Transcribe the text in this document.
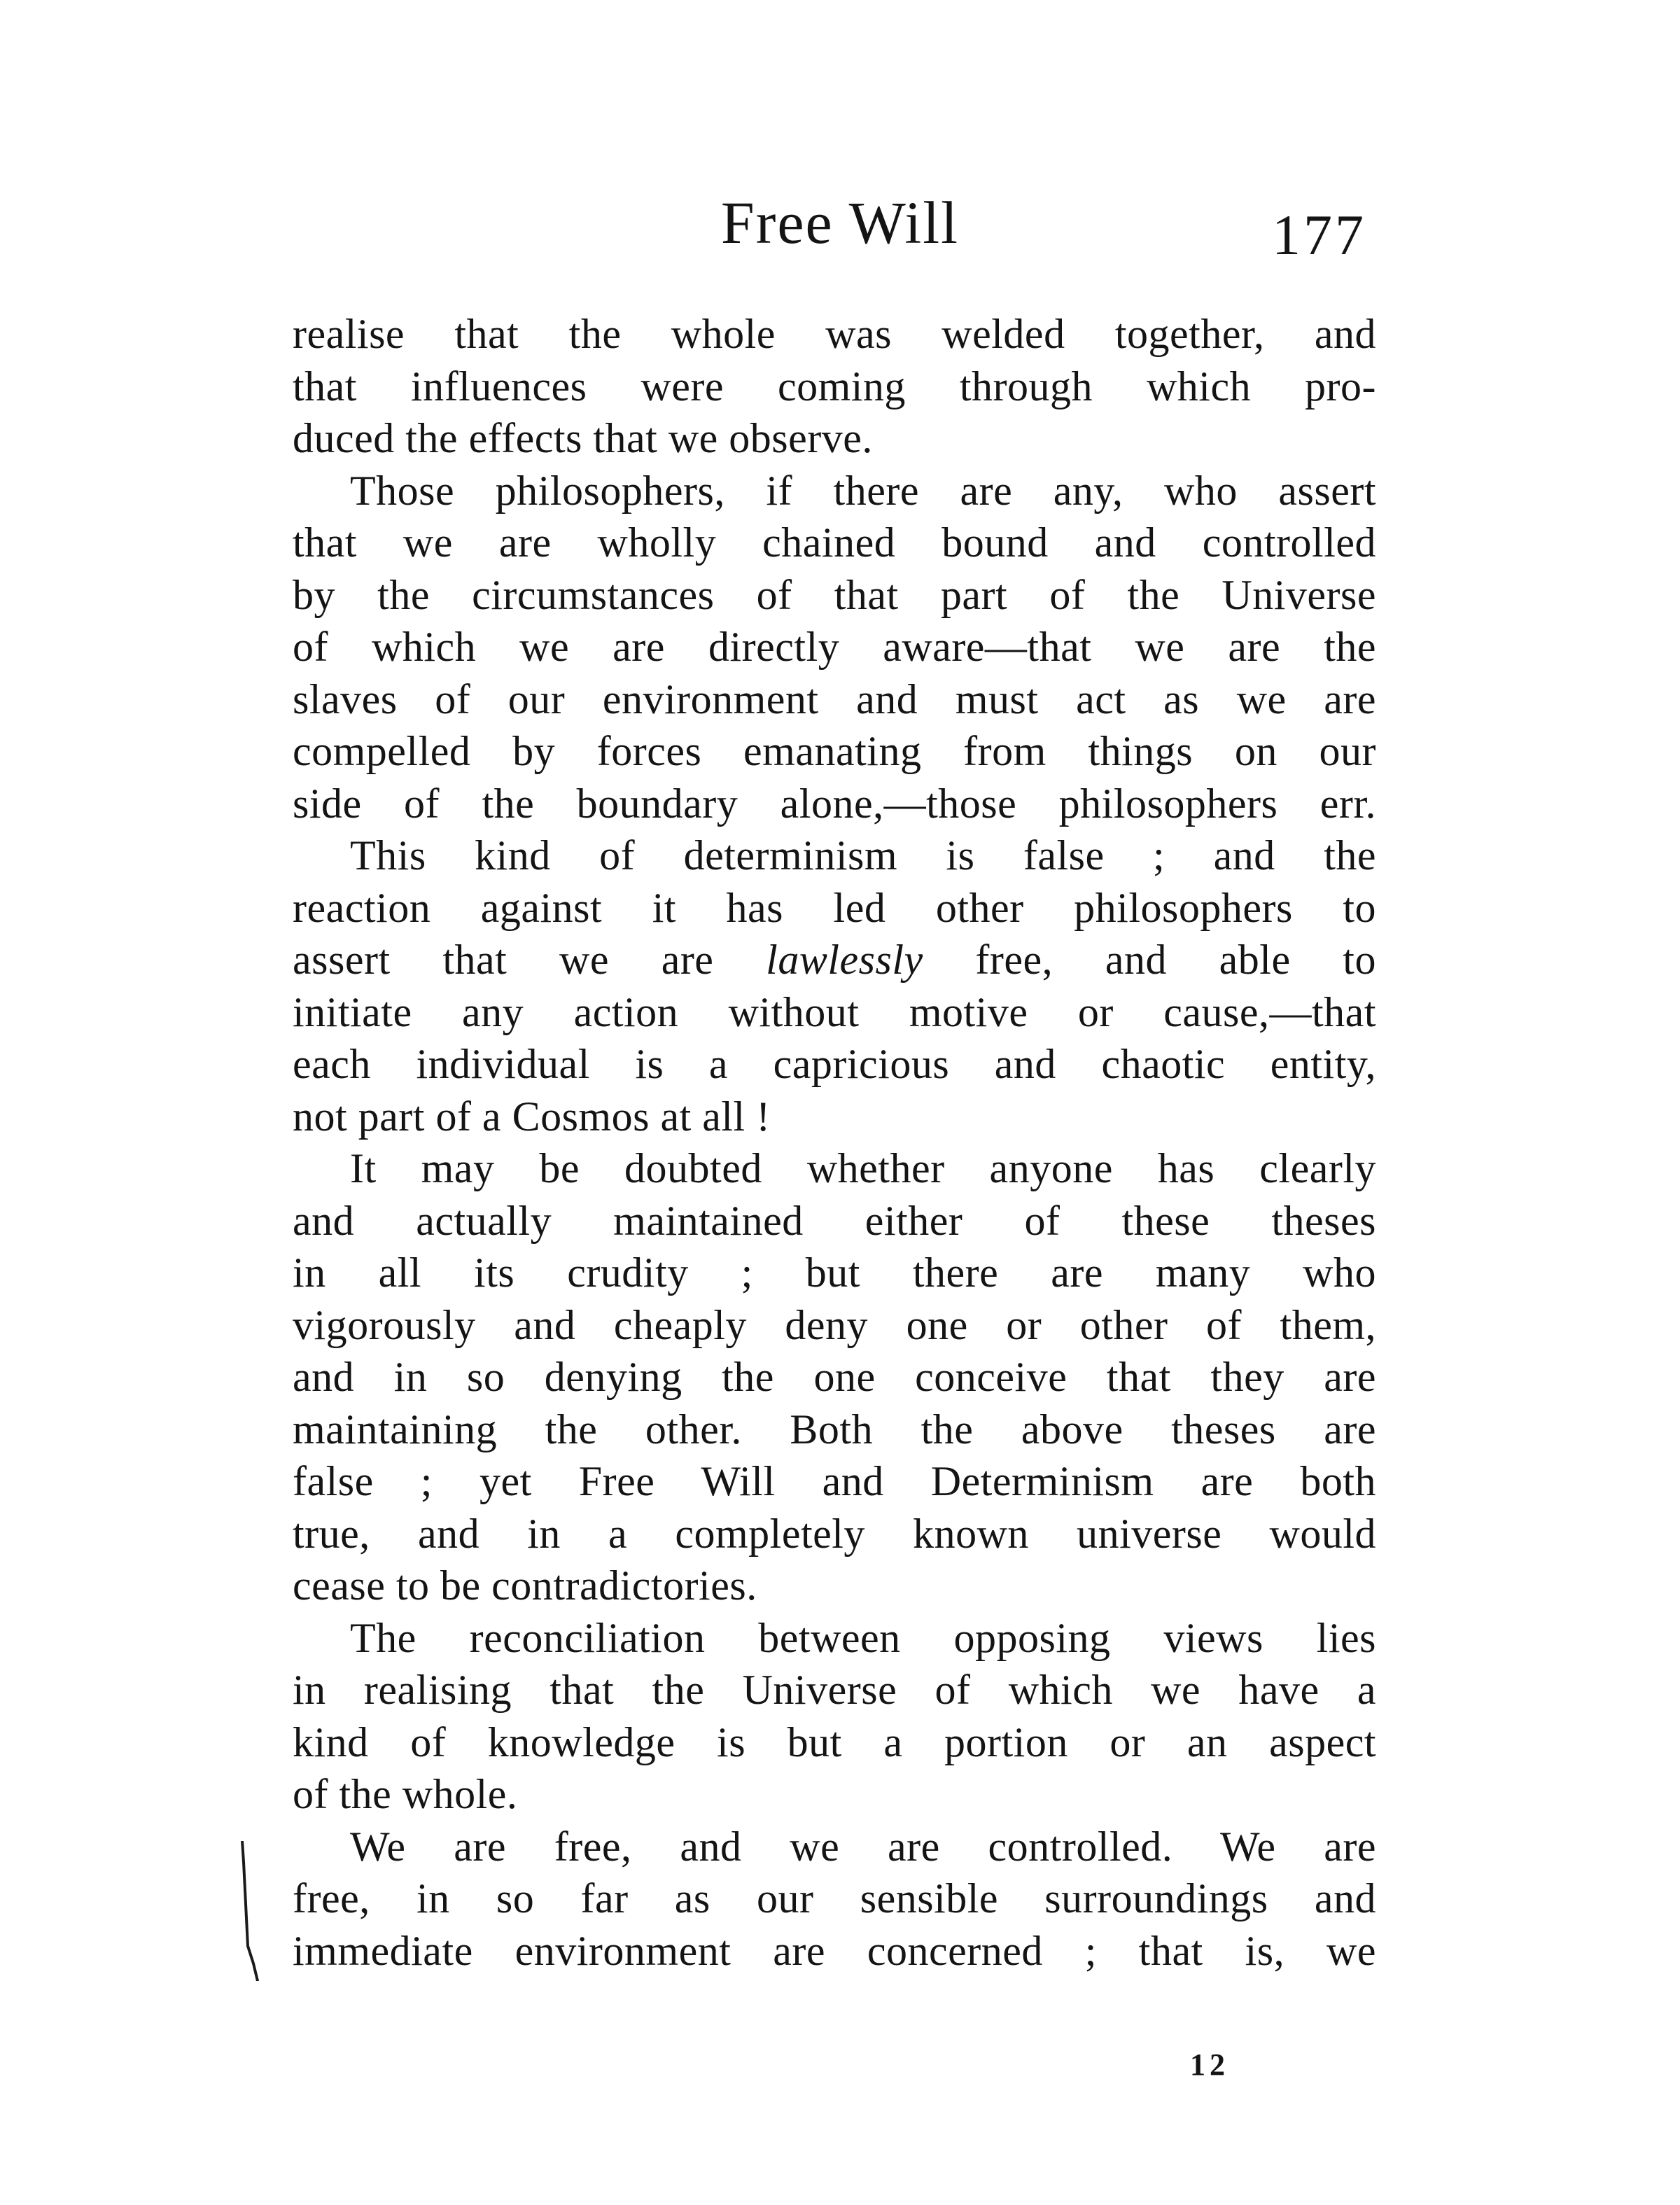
Free Will	177
realise that the whole was welded together, and
that influences were coming through which pro-
duced the effects that we observe.
Those philosophers, if there are any, who assert
that we are wholly chained bound and controlled
by the circumstances of that part of the Universe
of which we are directly aware—that we are the
slaves of our environment and must act as we are
compelled by forces emanating from things on our
side of the boundary alone,—those philosophers err.
This kind of determinism is false ; and the
reaction against it has led other philosophers to
assert that we are lawlessly free, and able to
initiate any action without motive or cause,—that
each individual is a capricious and chaotic entity,
not part of a Cosmos at all !
It may be doubted whether anyone has clearly
and actually maintained either of these theses
in all its crudity ; but there are many who
vigorously and cheaply deny one or other of them,
and in so denying the one conceive that they are
maintaining the other. Both the above theses are
false ; yet Free Will and Determinism are both
true, and in a completely known universe would
cease to be contradictories.
The reconciliation between opposing views lies
in realising that the Universe of which we have a
kind of knowledge is but a portion or an aspect
of the whole.
We are free, and we are controlled. We are
free, in so far as our sensible surroundings and
immediate environment are concerned ; that is, we
12
